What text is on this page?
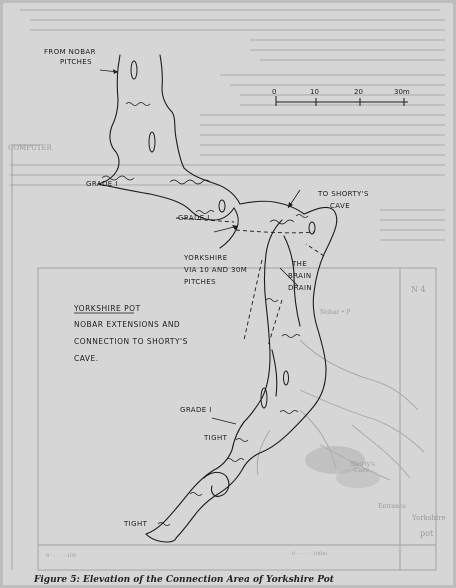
N 4
Nobar • P
Shorty's
Cave
Entrance
Yorkshire
pot
0 · · · · · 100m
0 · · · · · 100
COMPUTER
0	10	20	30m
FROM NOBAR
PITCHES
GRADE I
GRADE I
TO SHORTY'S
CAVE
YORKSHIRE
VIA 10 AND 30M
PITCHES
THE
BRAIN
DRAIN
GRADE I
TIGHT
TIGHT
YORKSHIRE POT
NOBAR EXTENSIONS AND
CONNECTION TO SHORTY'S
CAVE.
Figure 5: Elevation of the Connection Area of Yorkshire Pot
